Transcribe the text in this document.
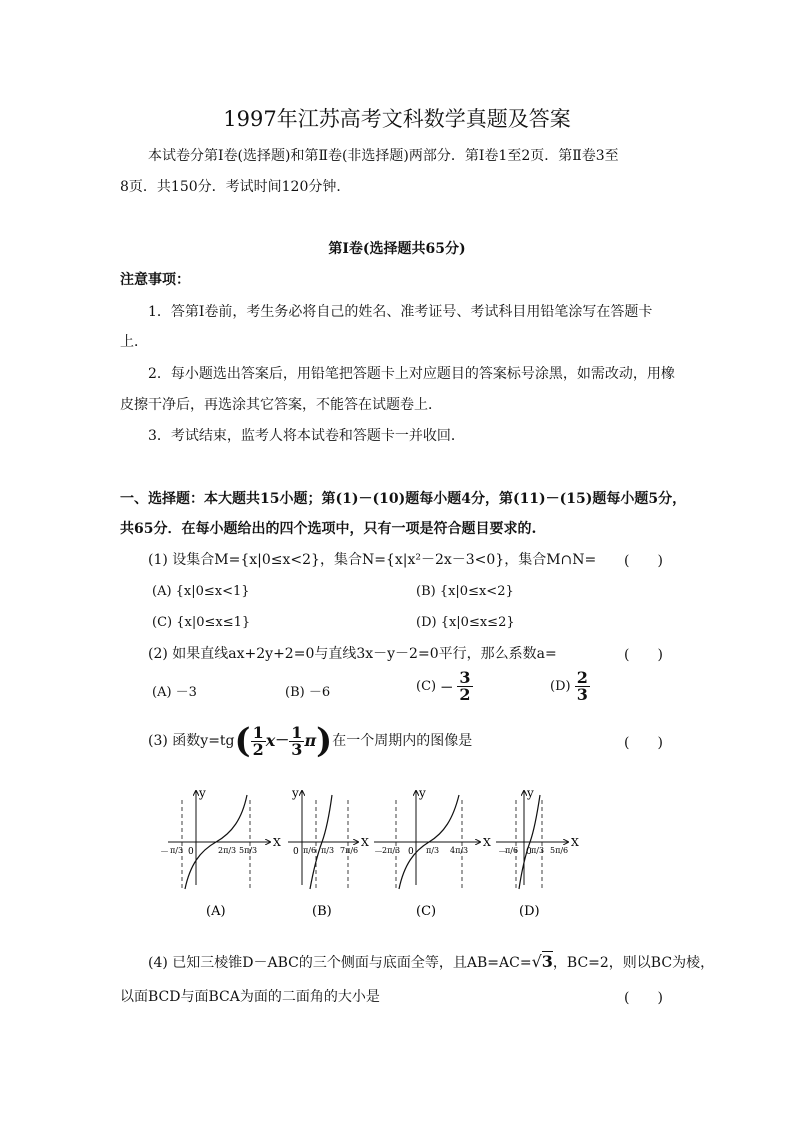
1997年江苏高考文科数学真题及答案
本试卷分第Ⅰ卷(选择题)和第Ⅱ卷(非选择题)两部分．第Ⅰ卷1至2页．第Ⅱ卷3至
8页．共150分．考试时间120分钟．
第Ⅰ卷(选择题共65分)
注意事项：
1．答第Ⅰ卷前，考生务必将自己的姓名、准考证号、考试科目用铅笔涂写在答题卡
上．
2．每小题选出答案后，用铅笔把答题卡上对应题目的答案标号涂黑，如需改动，用橡
皮擦干净后，再选涂其它答案，不能答在试题卷上．
3．考试结束，监考人将本试卷和答题卡一并收回．
一、选择题：本大题共15小题；第(1)－(10)题每小题4分，第(11)－(15)题每小题5分，
共65分．在每小题给出的四个选项中，只有一项是符合题目要求的.
(1) 设集合M={x|0≤x<2}，集合N={x|x²－2x－3<0}，集合M∩N= (　　)
(A) {x|0≤x<1}	(B) {x|0≤x<2}
(C) {x|0≤x≤1}	(D) {x|0≤x≤2}
(2) 如果直线ax+2y+2=0与直线3x－y－2=0平行，那么系数a=	(　　)
(A) －3	(B) －6	$(C) - \frac{3}{2}$	$(D) \frac{2}{3}$
(3) 函数$y=tg( \frac{1}{2} x- \frac{1}{3} \pi)$在一个周期内的图像是	(　　)
y
X
0
－ π/3	2π/3 5π/3
(A)
y
X
0 π/6 π/3 7π/6
(B)
y
X
0
－
2π/3	π/3 4π/3
(C)
y
X
0
－
π/6 π/3 5π/6
(D)
(4) 已知三棱锥D－ABC的三个侧面与底面全等，且AB=AC=√3，BC=2，则以BC为棱，
以面BCD与面BCA为面的二面角的大小是	(　　)
